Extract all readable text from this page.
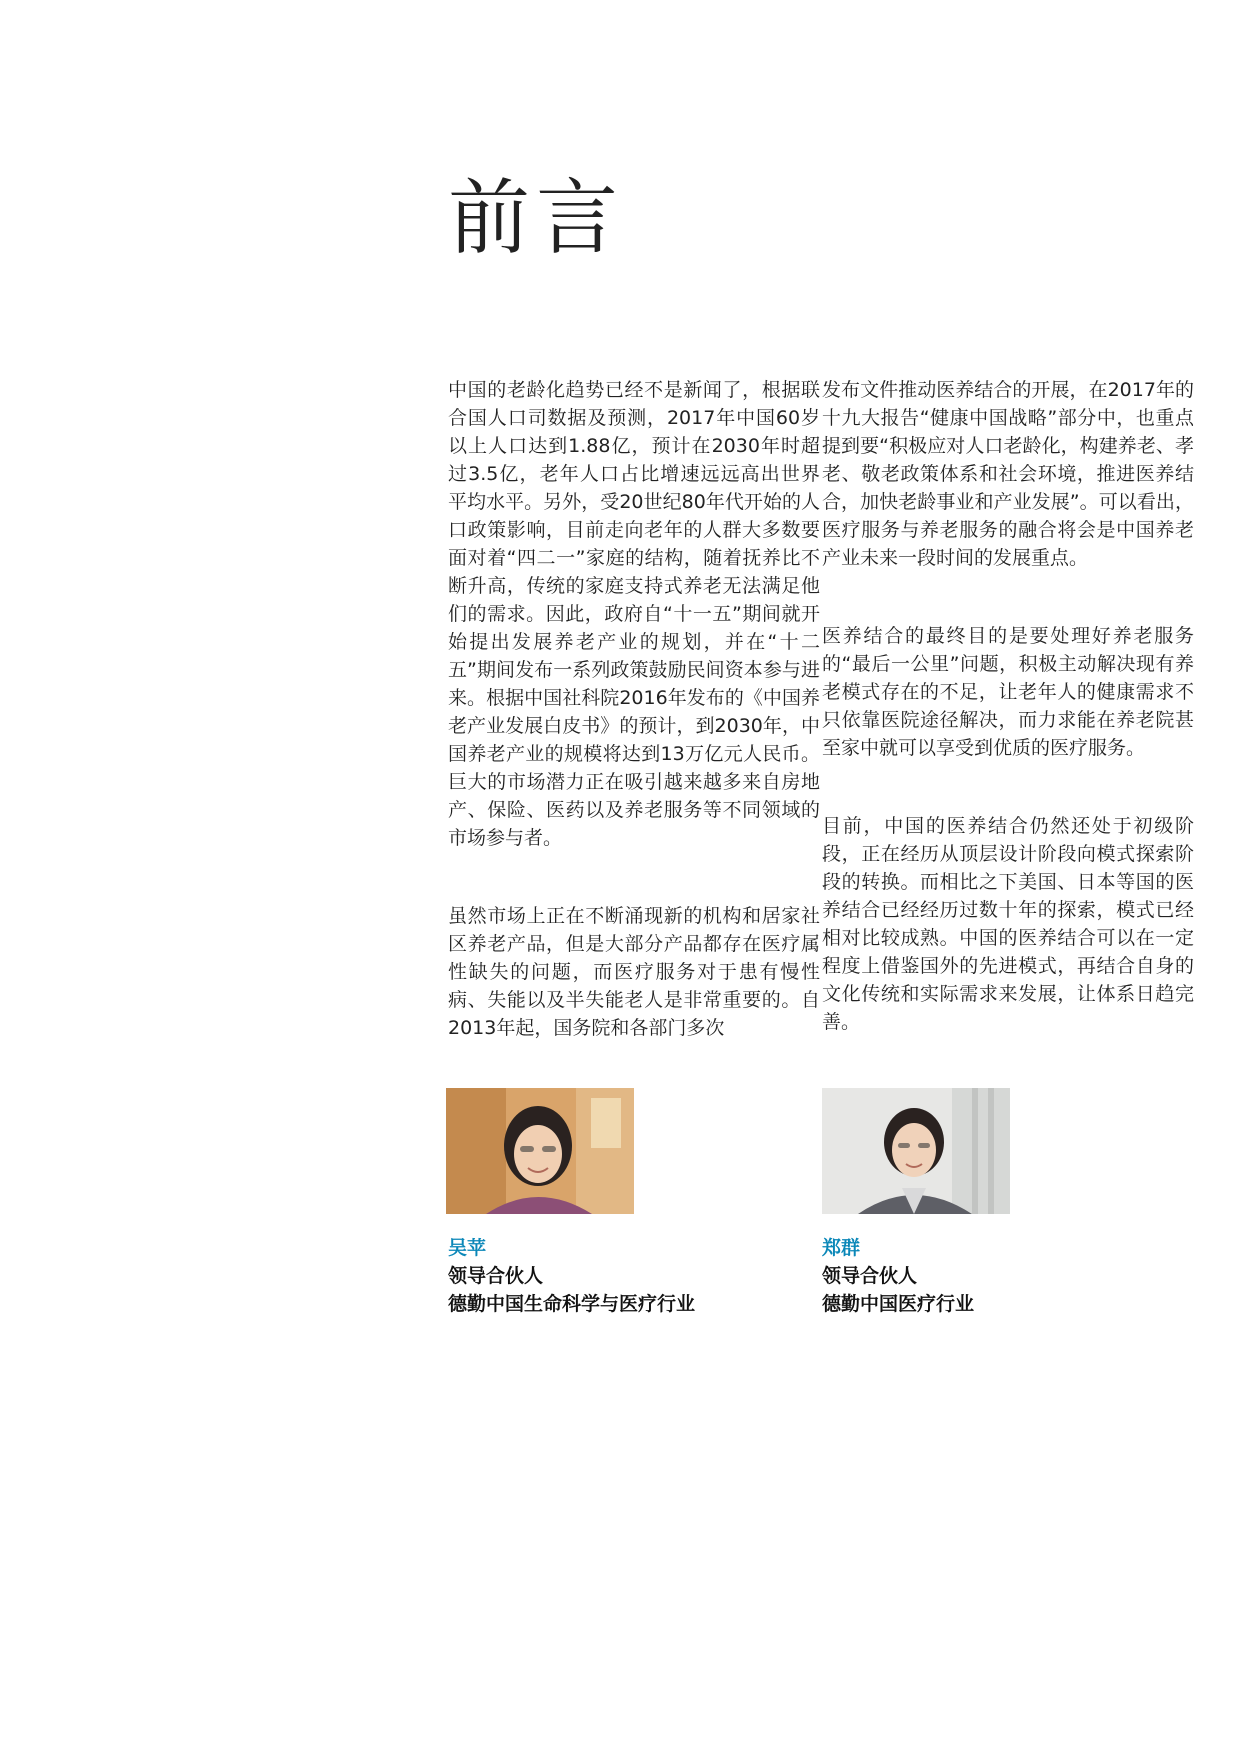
前言

中国的老龄化趋势已经不是新闻了，根据联合国人口司数据及预测，2017年中国60岁以上人口达到1.88亿，预计在2030年时超过3.5亿，老年人口占比增速远远高出世界平均水平。另外，受20世纪80年代开始的人口政策影响，目前走向老年的人群大多数要面对着“四二一”家庭的结构，随着抚养比不断升高，传统的家庭支持式养老无法满足他们的需求。因此，政府自“十一五”期间就开始提出发展养老产业的规划，并在“十二五”期间发布一系列政策鼓励民间资本参与进来。根据中国社科院2016年发布的《中国养老产业发展白皮书》的预计，到2030年，中国养老产业的规模将达到13万亿元人民币。巨大的市场潜力正在吸引越来越多来自房地产、保险、医药以及养老服务等不同领域的市场参与者。

虽然市场上正在不断涌现新的机构和居家社区养老产品，但是大部分产品都存在医疗属性缺失的问题，而医疗服务对于患有慢性病、失能以及半失能老人是非常重要的。自2013年起，国务院和各部门多次

发布文件推动医养结合的开展，在2017年的十九大报告“健康中国战略”部分中，也重点提到要“积极应对人口老龄化，构建养老、孝老、敬老政策体系和社会环境，推进医养结合，加快老龄事业和产业发展”。可以看出，医疗服务与养老服务的融合将会是中国养老产业未来一段时间的发展重点。

医养结合的最终目的是要处理好养老服务的“最后一公里”问题，积极主动解决现有养老模式存在的不足，让老年人的健康需求不只依靠医院途径解决，而力求能在养老院甚至家中就可以享受到优质的医疗服务。

目前，中国的医养结合仍然还处于初级阶段，正在经历从顶层设计阶段向模式探索阶段的转换。而相比之下美国、日本等国的医养结合已经经历过数十年的探索，模式已经相对比较成熟。中国的医养结合可以在一定程度上借鉴国外的先进模式，再结合自身的文化传统和实际需求来发展，让体系日趋完善。

吴苹
领导合伙人
德勤中国生命科学与医疗行业
郑群
领导合伙人
德勤中国医疗行业
